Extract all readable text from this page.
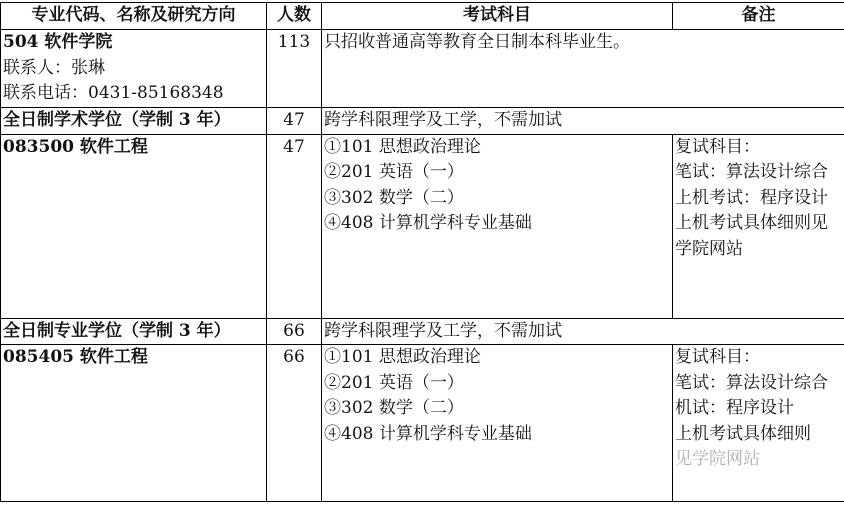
专业代码、名称及研究方向	人数	考试科目	备注

504 软件学院
联系人：张琳
联系电话：0431-85168348	113	只招收普通高等教育全日制本科毕业生。	
全日制学术学位（学制 3 年）	47	跨学科限理学及工学，不需加试	
083500 软件工程	47	①101 思想政治理论
②201 英语（一）
③302 数学（二）
④408 计算机学科专业基础	复试科目：
笔试：算法设计综合
上机考试：程序设计
上机考试具体细则见学院网站

全日制专业学位（学制 3 年）	66	跨学科限理学及工学，不需加试	
085405 软件工程	66	①101 思想政治理论
②201 英语（一）
③302 数学（二）
④408 计算机学科专业基础	复试科目：
笔试：算法设计综合
机试：程序设计
上机考试具体细则
见学院网站
